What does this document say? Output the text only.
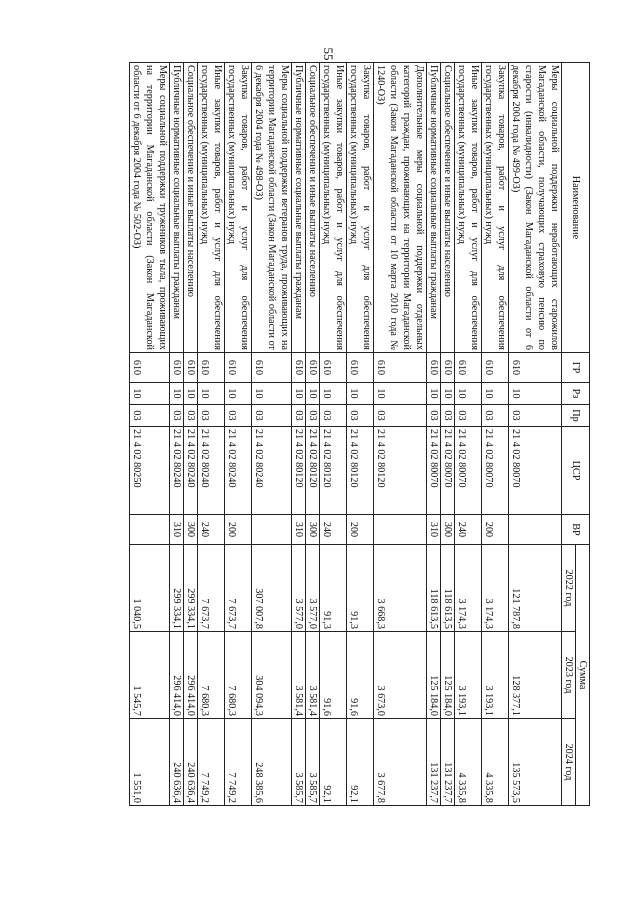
55
Наименование	ГР	Рз	Пр	ЦСР	ВР	Сумма		
						2022 год	2023 год	2024 год
Меры социальной поддержки неработающих старожилов Магаданской области, получающих страховую пенсию по старости (инвалидности) (Закон Магаданской области от 6 декабря 2004 года № 499-ОЗ)	610	10	03	21 4 02 80070		121 787,8	128 377,1	135 573,5
Закупка товаров, работ и услуг для обеспечения государственных (муниципальных) нужд	610	10	03	21 4 02 80070	200	3 174,3	3 193,1	4 335,8
Иные закупки товаров, работ и услуг для обеспечения государственных (муниципальных) нужд	610	10	03	21 4 02 80070	240	3 174,3	3 193,1	4 335,8
Социальное обеспечение и иные выплаты населению	610	10	03	21 4 02 80070	300	118 613,5	125 184,0	131 237,7
Публичные нормативные социальные выплаты гражданам	610	10	03	21 4 02 80070	310	118 613,5	125 184,0	131 237,7
Дополнительные меры социальной поддержки отдельных категорий граждан, проживающих на территории Магаданской области (Закон Магаданской области от 10 марта 2010 года № 1240-ОЗ)	610	10	03	21 4 02 80120		3 668,3	3 673,0	3 677,8
Закупка товаров, работ и услуг для обеспечения государственных (муниципальных) нужд	610	10	03	21 4 02 80120	200	91,3	91,6	92,1
Иные закупки товаров, работ и услуг для обеспечения государственных (муниципальных) нужд	610	10	03	21 4 02 80120	240	91,3	91,6	92,1
Социальное обеспечение и иные выплаты населению	610	10	03	21 4 02 80120	300	3 577,0	3 581,4	3 585,7
Публичные нормативные социальные выплаты гражданам	610	10	03	21 4 02 80120	310	3 577,0	3 581,4	3 585,7
Меры социальной поддержки ветеранов труда, проживающих на территории Магаданской области (Закон Магаданской области от 6 декабря 2004 года № 498-ОЗ)	610	10	03	21 4 02 80240		307 007,8	304 094,3	248 385,6
Закупка товаров, работ и услуг для обеспечения государственных (муниципальных) нужд	610	10	03	21 4 02 80240	200	7 673,7	7 680,3	7 749,2
Иные закупки товаров, работ и услуг для обеспечения государственных (муниципальных) нужд	610	10	03	21 4 02 80240	240	7 673,7	7 680,3	7 749,2
Социальное обеспечение и иные выплаты населению	610	10	03	21 4 02 80240	300	299 334,1	296 414,0	240 636,4
Публичные нормативные социальные выплаты гражданам	610	10	03	21 4 02 80240	310	299 334,1	296 414,0	240 636,4
Меры социальной поддержки тружеников тыла, проживающих на территории Магаданской области (Закон Магаданской области от 6 декабря 2004 года № 502-ОЗ)	610	10	03	21 4 02 80250		1 040,5	1 545,7	1 551,0
